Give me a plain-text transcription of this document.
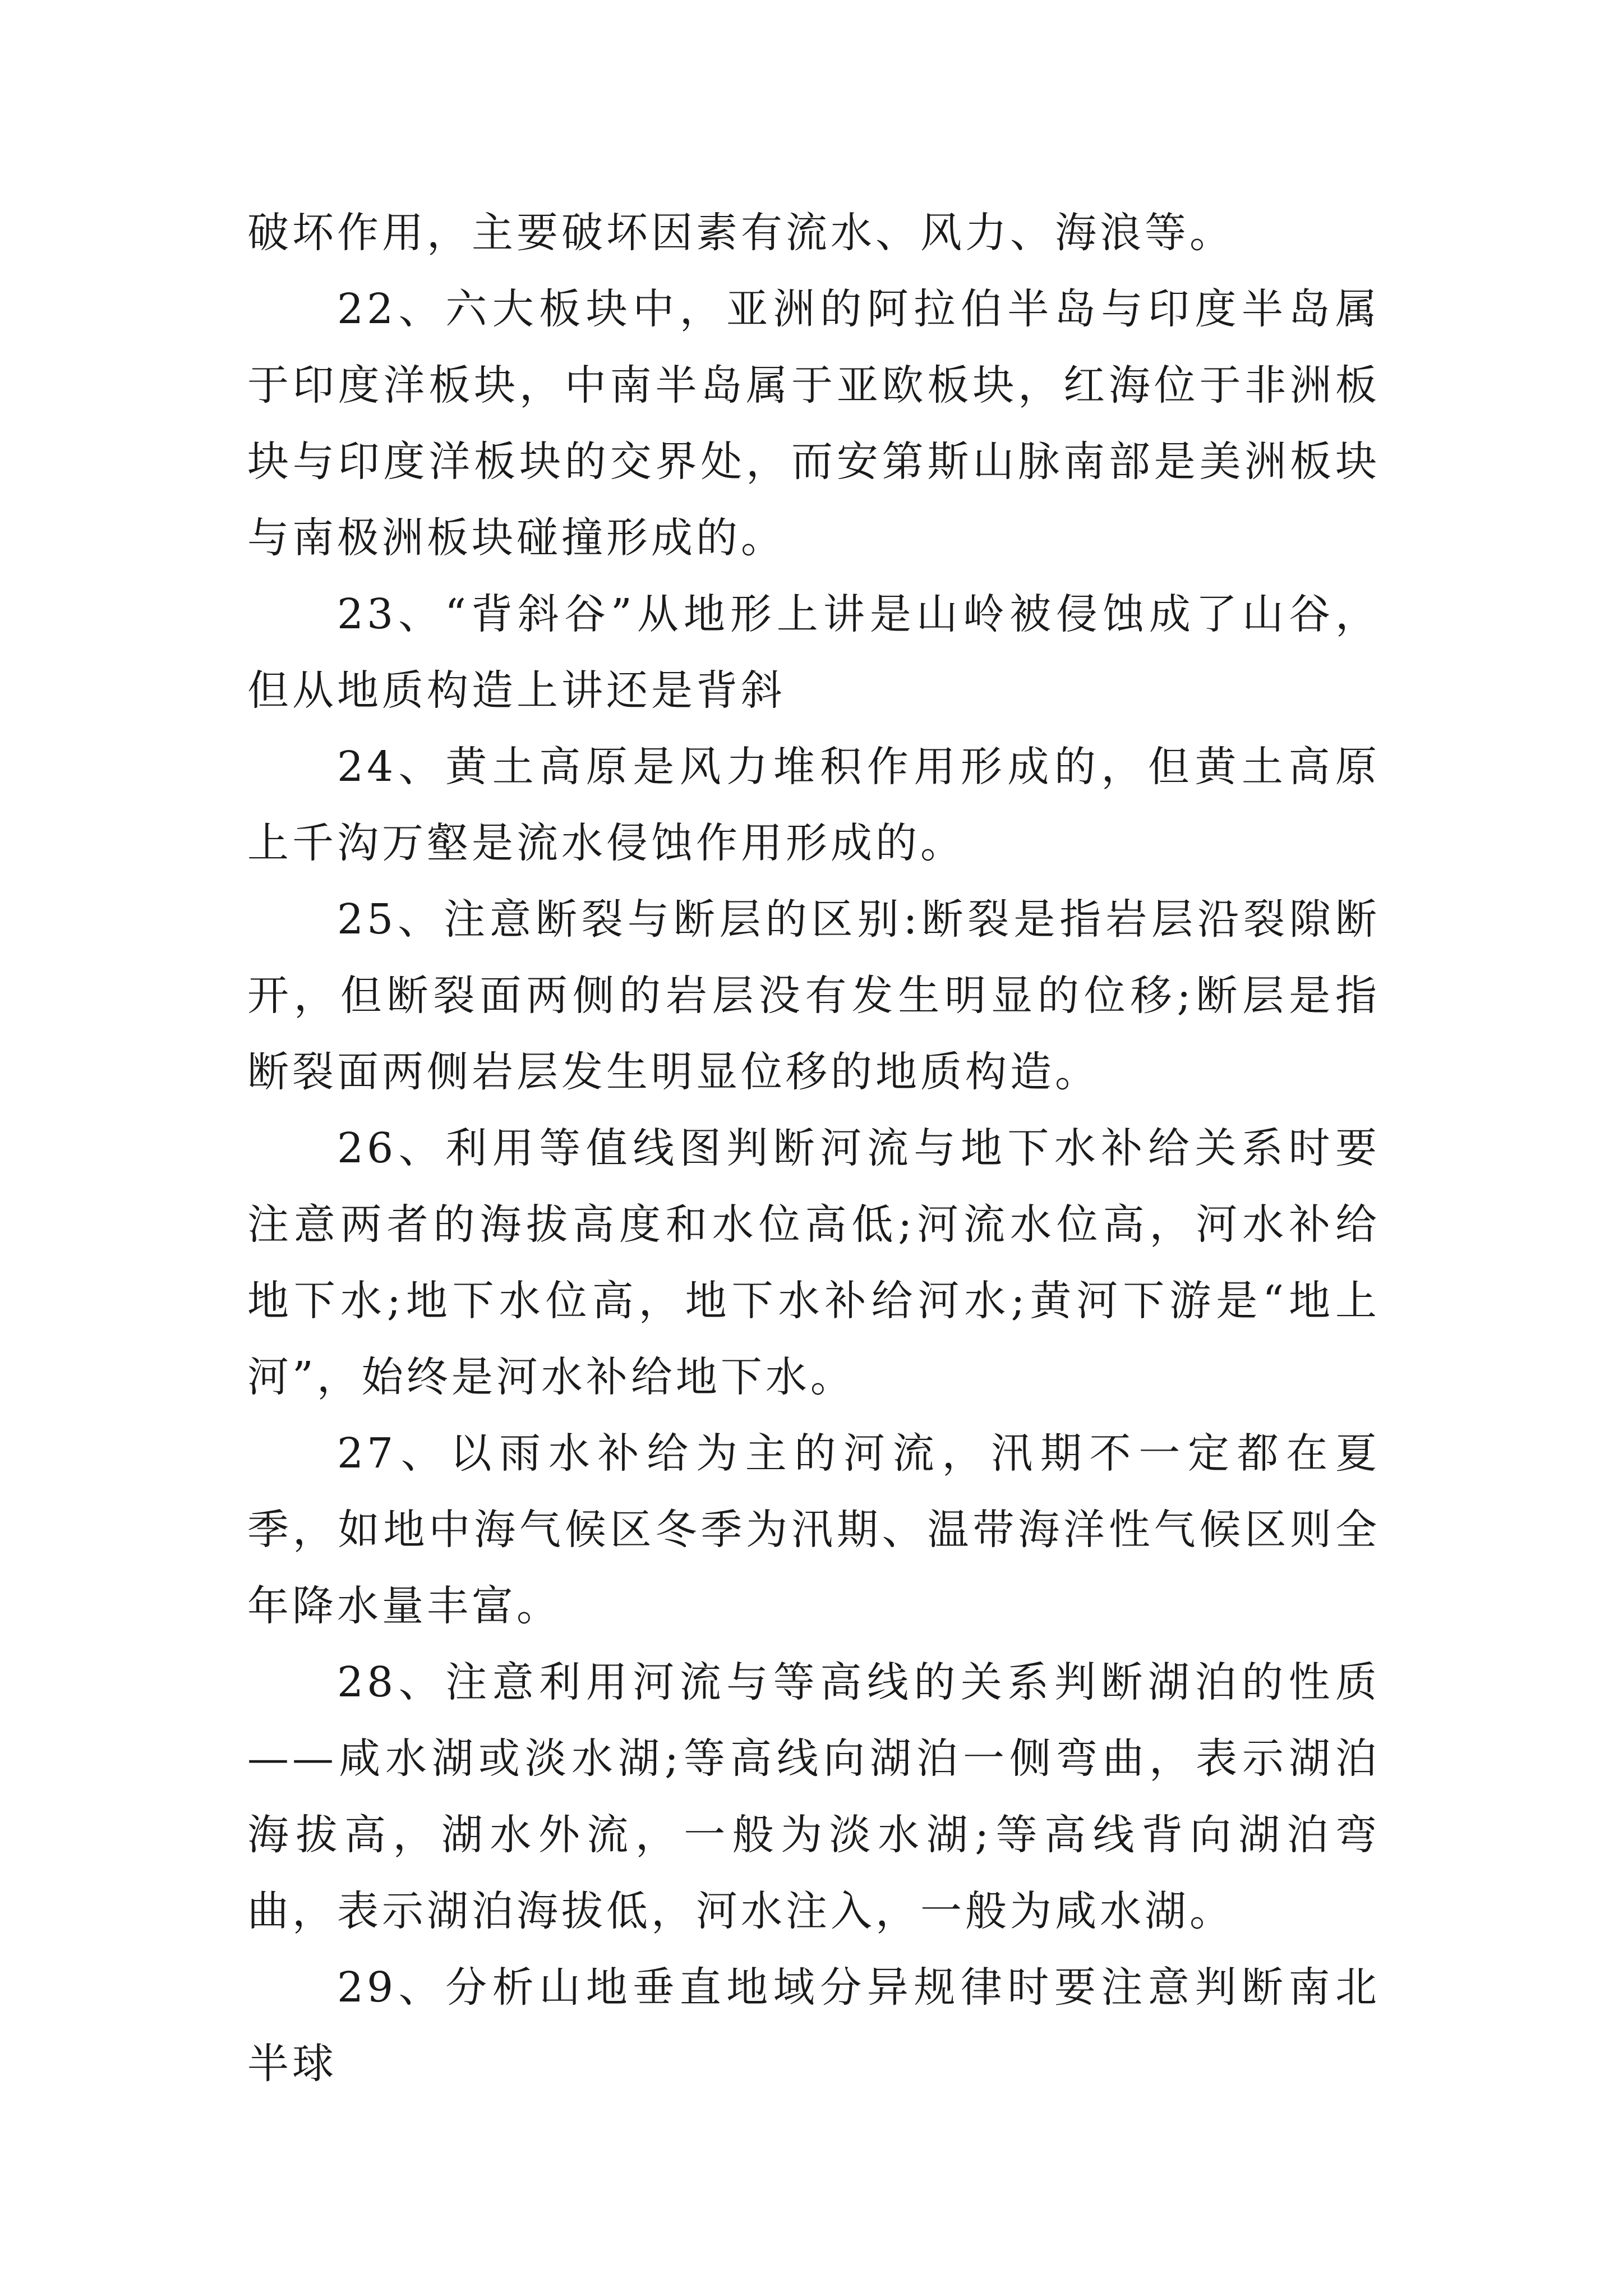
破坏作用，主要破坏因素有流水、风力、海浪等。

22、六大板块中，亚洲的阿拉伯半岛与印度半岛属于印度洋板块，中南半岛属于亚欧板块，红海位于非洲板块与印度洋板块的交界处，而安第斯山脉南部是美洲板块与南极洲板块碰撞形成的。

23、“背斜谷”从地形上讲是山岭被侵蚀成了山谷，但从地质构造上讲还是背斜

24、黄土高原是风力堆积作用形成的，但黄土高原上千沟万壑是流水侵蚀作用形成的。

25、注意断裂与断层的区别:断裂是指岩层沿裂隙断开，但断裂面两侧的岩层没有发生明显的位移;断层是指断裂面两侧岩层发生明显位移的地质构造。

26、利用等值线图判断河流与地下水补给关系时要注意两者的海拔高度和水位高低;河流水位高，河水补给地下水;地下水位高，地下水补给河水;黄河下游是“地上河”，始终是河水补给地下水。

27、以雨水补给为主的河流，汛期不一定都在夏季，如地中海气候区冬季为汛期、温带海洋性气候区则全年降水量丰富。

28、注意利用河流与等高线的关系判断湖泊的性质——咸水湖或淡水湖;等高线向湖泊一侧弯曲，表示湖泊海拔高，湖水外流，一般为淡水湖;等高线背向湖泊弯曲，表示湖泊海拔低，河水注入，一般为咸水湖。

29、分析山地垂直地域分异规律时要注意判断南北半球
